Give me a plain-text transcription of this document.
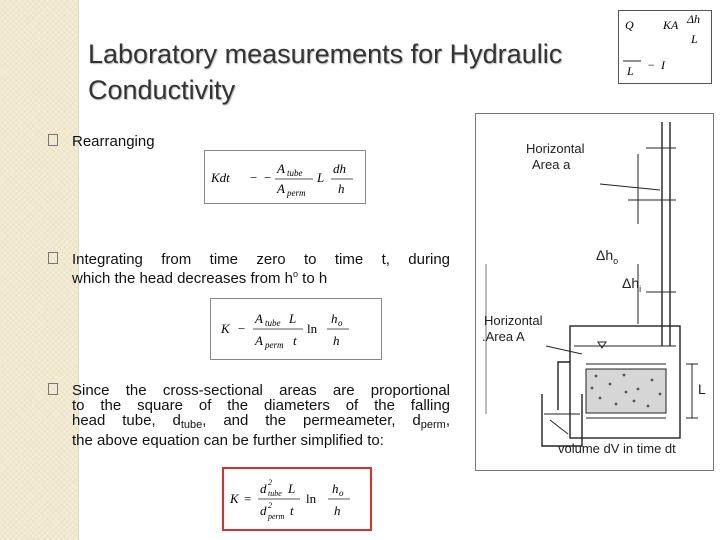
Laboratory measurements for Hydraulic
Conductivity
Q KA Δh
L
L − I
Rearranging
Kdt − −
A tube
A perm
L
dh
h
Integrating from time zero to time t, during
which the head decreases from $h^o$ to h
K −
A tube L
A perm t
ln
h o
h
Since the cross-sectional areas are proportional
to the square of the diameters of the falling
head tube, $d_{tube}$, and the permeameter, $d_{perm}$,
the above equation can be further simplified to:
K =
d 2
tube L
d 2
perm t
ln
h o
h
Horizontal
Area a
$\Delta h_o$
$\Delta h_i$
Horizontal
.Area A
L
volume dV in time dt
